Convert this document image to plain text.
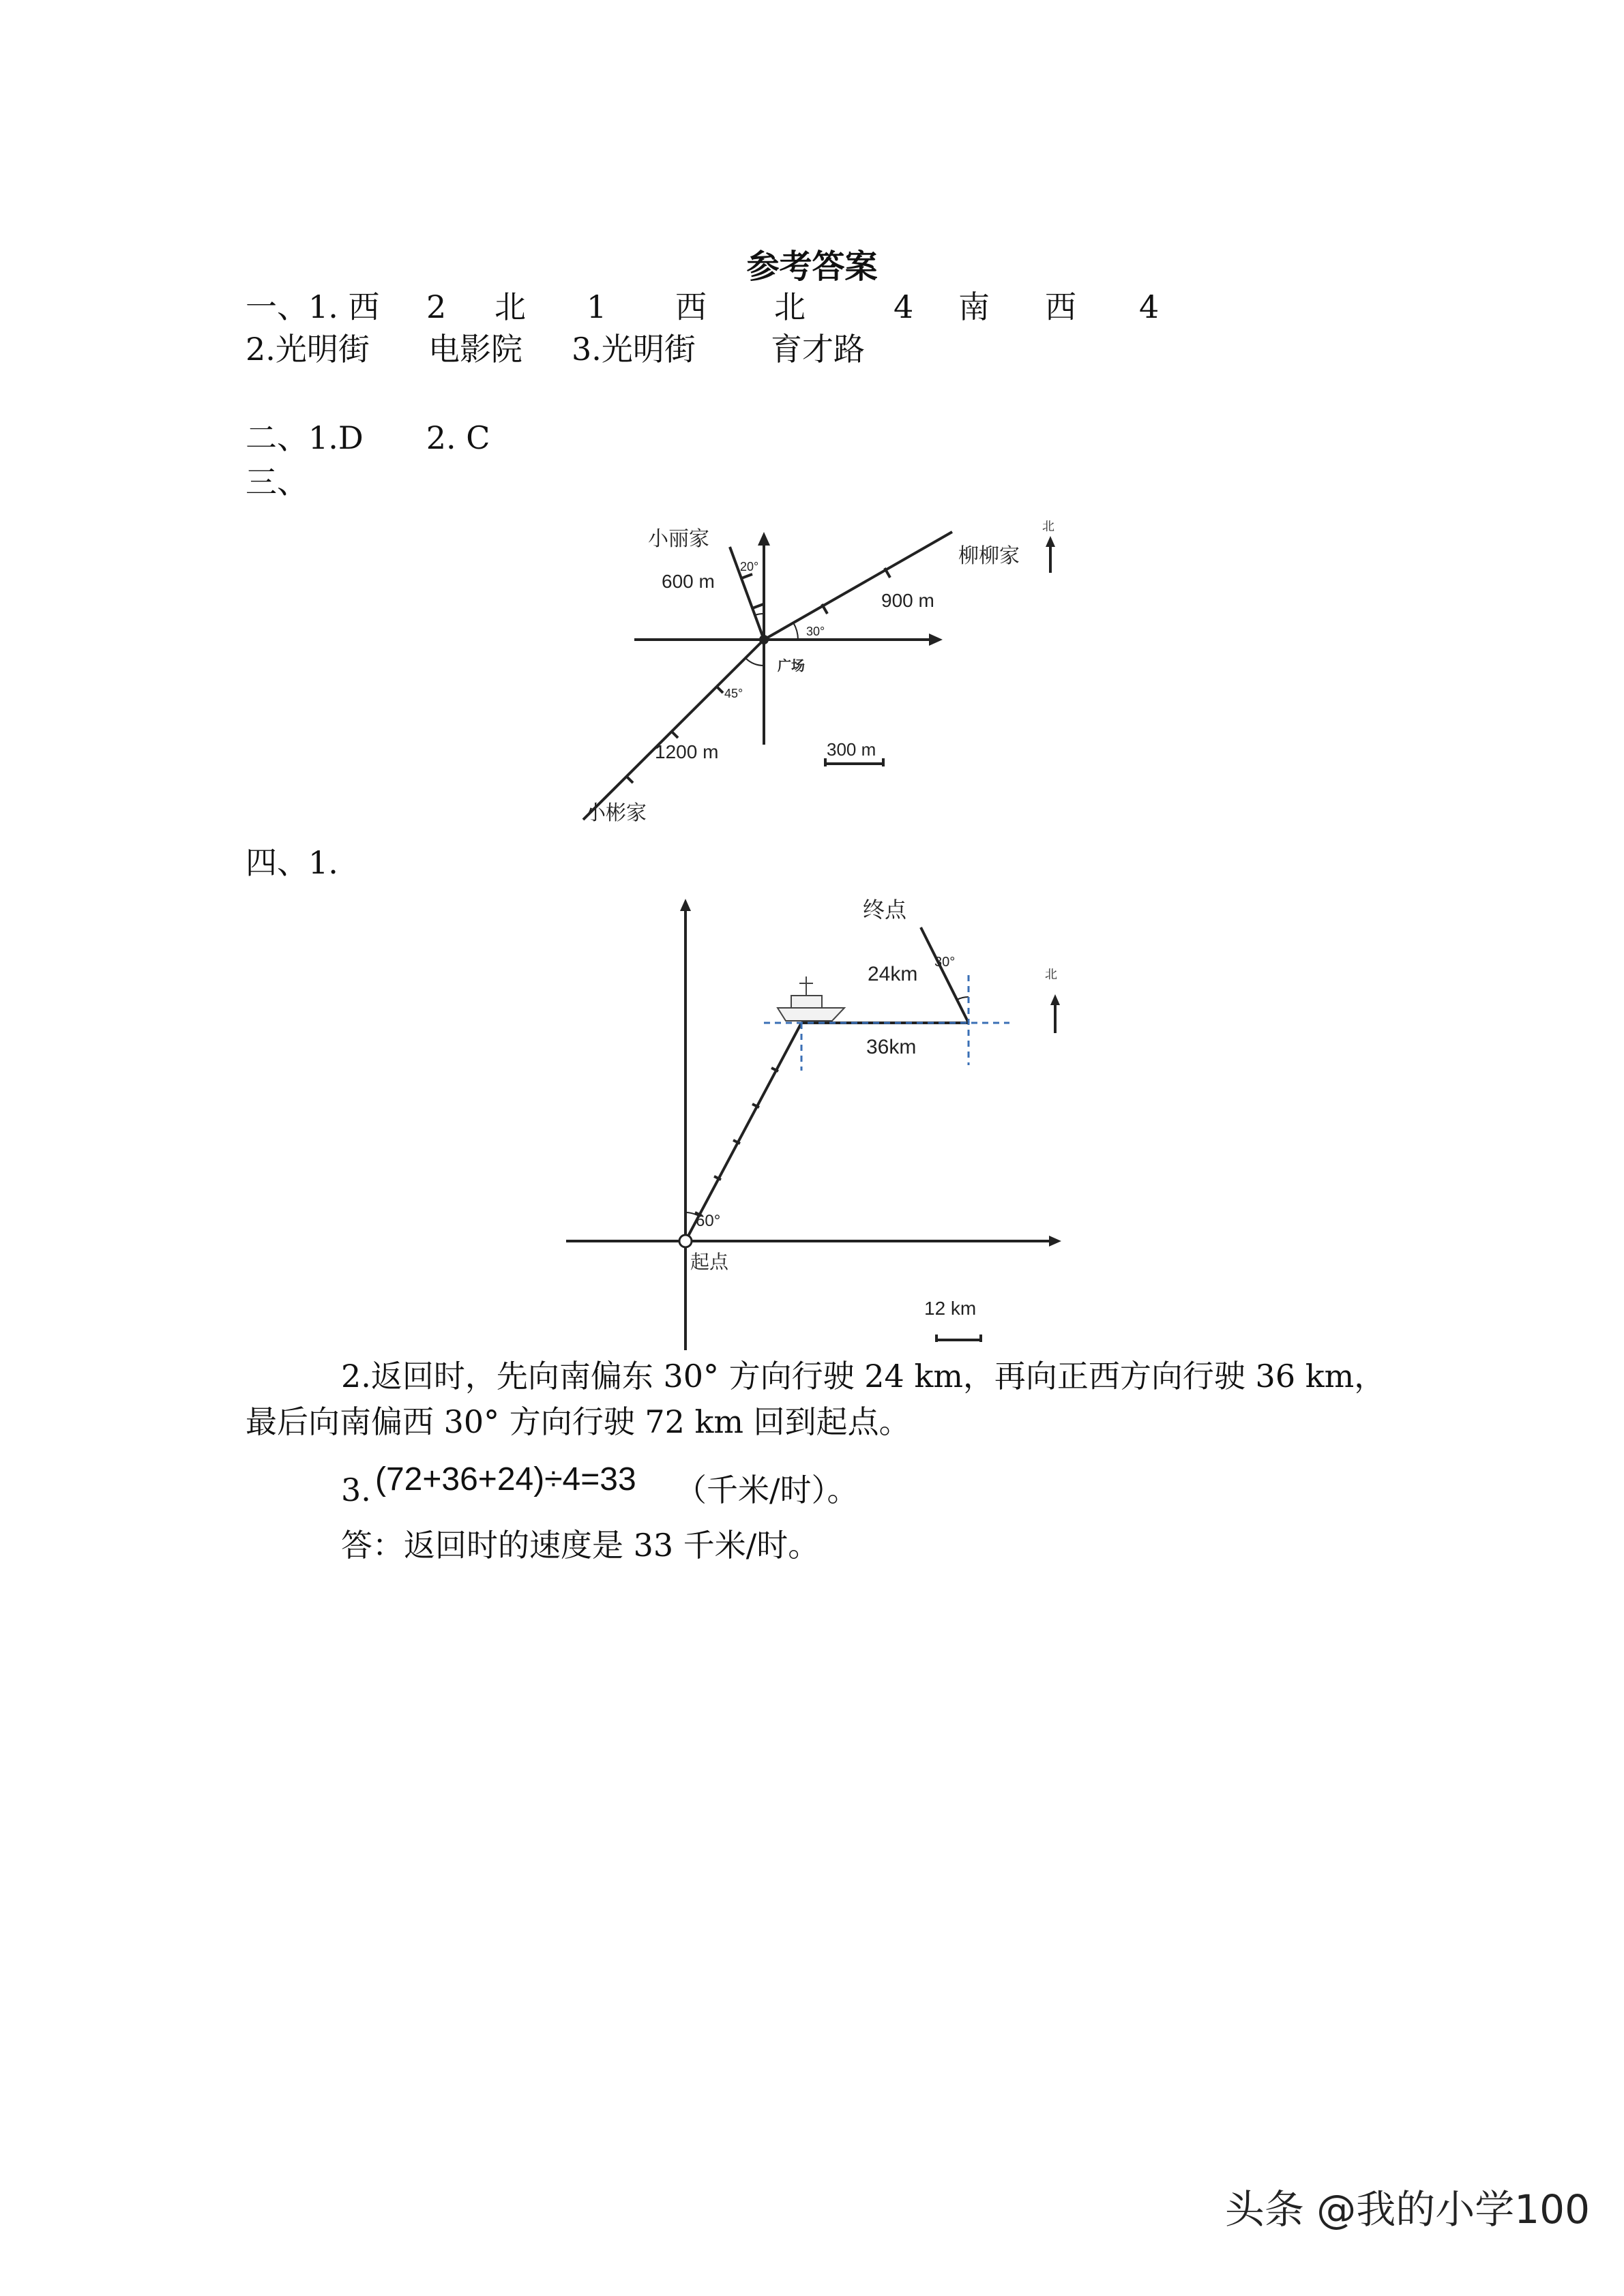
参考答案
一、1. 西 2 北 1 西 北	4 南 西 4
2.光明街 电影院 3.光明街 育才路
二、1.D　　2. C
三、
小丽家
柳柳家
小彬家
广场
北
600 m
900 m
1200 m
20°
30°
45°
300 m
四、1.
终点
起点
北
24km
36km
30°
60°
12 km
2.返回时，先向南偏东 30° 方向行驶 24 km，再向正西方向行驶 36 km，
最后向南偏西 30° 方向行驶 72 km 回到起点。
3. (72+36+24)÷4=33 （千米/时）。
答：返回时的速度是 33 千米/时。
头条 @我的小学100
